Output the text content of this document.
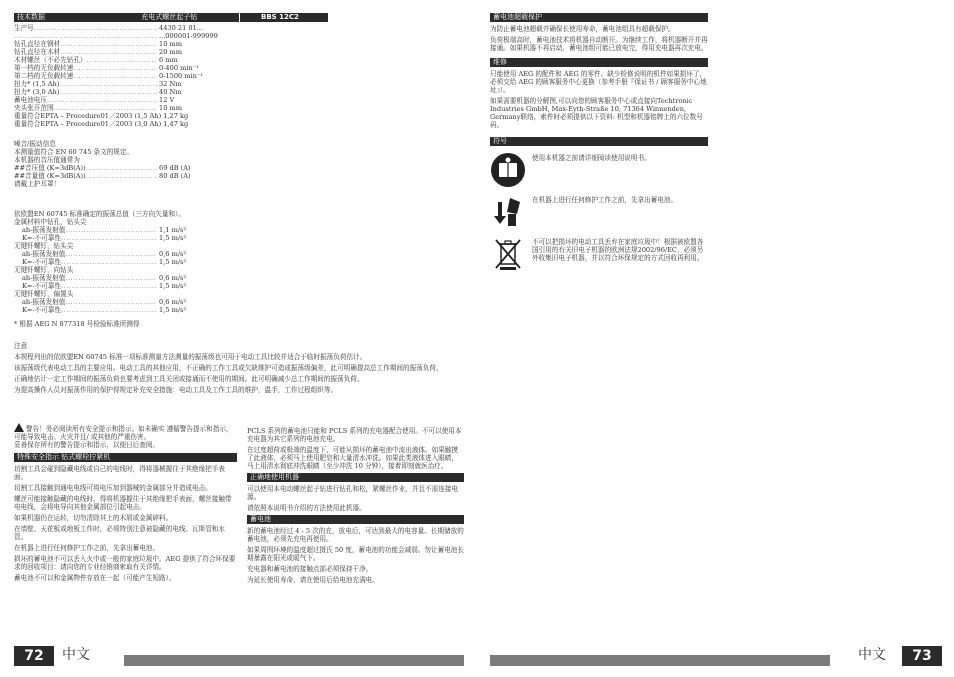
技术数据	充电式螺丝起子钻
生产号 .....	4430 21 01...
.....
...000001-999999
钻孔直径在钢材 .....	10 mm
钻孔直径在木材 .....	20 mm
木材螺丝（不必先钻孔） .....	6 mm
第一档的无负载转速 .....	0-400 min⁻¹
第二档的无负载转速 .....	0-1500 min⁻¹
扭力* (1,5 Ah) .....	32 Nm
扭力* (3,0 Ah) .....	40 Nm
蓄电池电压 .....	12 V
夹头张开范围 .....	10 mm
重量符合EPTA – Procedure01／2003 (1,5 Ah) 1,27 kg
重量符合EPTA – Procedure01／2003 (3,0 Ah) 1,47 kg

噪音/振动信息

本测量值符合 EN 60 745 条文的规定。

本机器的音压值通常为

##音压值 (K=3dB(A)) .....	69 dB (A)
##音量值 (K=3dB(A)) .....	80 dB (A)

请戴上护耳罩！

依欧盟EN 60745 标准确定的振荡总值（三方向矢量和）。

金属材料中钻孔，钻头尖

ah-振荡发射值 .....	1,1 m/s²
K=-不可靠性 .....	1,5 m/s²

无键钎螺钉，钻头尖

ah-振荡发射值 .....	0,6 m/s²
K=-不可靠性 .....	1,5 m/s²

无键钎螺钉，向钻头

ah-振荡发射值 .....	0,6 m/s²
K=-不可靠性 .....	1,5 m/s²

无键钎螺钉，偏置头

ah-振荡发射值 .....	0,6 m/s²
K=-不可靠性 .....	1,5 m/s²

* 根据 AEG N 877318 号检验标准所测得

BBS 12C2

注意

本规程列出的依欧盟EN 60745 标准一项标准测量方法测量的振荡级也可用于电动工具比较并适合于临时振荡负荷估计。

该振荡级代表电动工具的主要应用。电动工具的其他应用，不正确的工作工具或欠缺维护可造成振荡级偏差，此可明确提高总工作期间的振荡负荷。

正确地估计一定工作期间的振荡负荷也要考虑到工具关闭或接通而不使用的期间。此可明确减少总工作期间的振荡负荷。

为提高操作人员对振荡作用的保护得规定补充安全措施：电动工具及工作工具的维护，温手，工作过程组织等。

警告！务必阅读所有安全提示和指示。如未确实 遵循警告提示和指示，可能导致电击、火灾并且/ 或其他的严重伤害。

妥善保存所有的警告提示和指示，以便日后查阅。

特殊安全指示 钻式螺栓拧紧机

切割工具会碰到隐藏电线或自己的电线时，得将器械握住于其绝缘把手表面。

切割工具接触到通电电线可将电压加到器械的金属部分并造成电击。

螺丝可能接触隐藏的电线时，得将机器握住于其绝缘把手表面，螺丝接触带电电线，会将电导向其他金属部位引起电击。

如果机器仍在运转，切勿清除其上的木屑或金属碎料。

在墙壁、天花板或地板工作时，必须特别注意被隐藏的电线、瓦斯管和水管。

在机器上进行任何修护工作之前，先拿出蓄电池。

损坏的蓄电池不可以丢入火中或一般的家庭垃圾中。AEG 提供了符合环保要求的回收项目：请向您的专业经销商索取有关详情。

蓄电池不可以和金属物件存放在一起（可能产生短路）。

PCLS 系列的蓄电池只能和 PCLS 系列的充电器配合使用。不可以使用本充电器为其它系列的电池充电。

在过度超荷或极端的温度下，可能从损坏的蓄电池中流出液体。如果触摸了此液体，必须马上使用肥皂和大量清水冲洗。如果此类液体进入眼睛，马上用清水彻底冲洗眼睛（至少冲洗 10 分钟），接着即刻就医治疗。

正确地使用机器

可以使用本电动螺丝起子钻进行钻孔和松，紧螺丝作业，并且不需连接电源。

请依照本说明书介绍的方法使用此机器。

蓄电池

新的蓄电池经过 4 - 5 次的充，放电后，可达到最大的电容量。长期储放的蓄电池，必须先充电再使用。

如果周围环境的温度超过摄氏 50 度，蓄电池的功能会减弱。勿让蓄电池长期暴露在阳光或暖气下。

充电器和蓄电池的接触点部必须保持干净。

为延长使用寿命，请在使用后给电池充满电。

72	中文
蓄电池超载保护

为防止蓄电池超载并确保长使用寿命，蓄电池组具有超载保护。

负荷极端高时，蓄电池技术将机器自动断开。为继续工作，将机器断开并再接通。如果机器不再启动，蓄电池组可能已放电完，得用充电器再次充电。

维修

只能使用 AEG 的配件和 AEG 的零件。缺少检修说明的机件如果损坏了，必须交给 AEG 的顾客服务中心更换（参考手册『保证书 / 顾客服务中心地址』）。

如果需要机器的分解图,可以向您的顾客服务中心或直接向Techtronic Industries GmbH, Max-Eyth-Straße 10, 71364 Winnenden, Germany联络，索件时必须提供以下资料: 机型和机器铭牌上的六位数号码。

符号

使用本机器之前请详细阅读使用说明书。

在机器上进行任何修护工作之前，先拿出蓄电池。

不可以把损坏的电动工具丢弃在家庭垃圾中！根据被欧盟各国引用的有关旧电子机器的欧洲法规2002/96/EC，必须另外收集旧电子机器，并以符合环保规定的方式回收再利用。

中文	73
